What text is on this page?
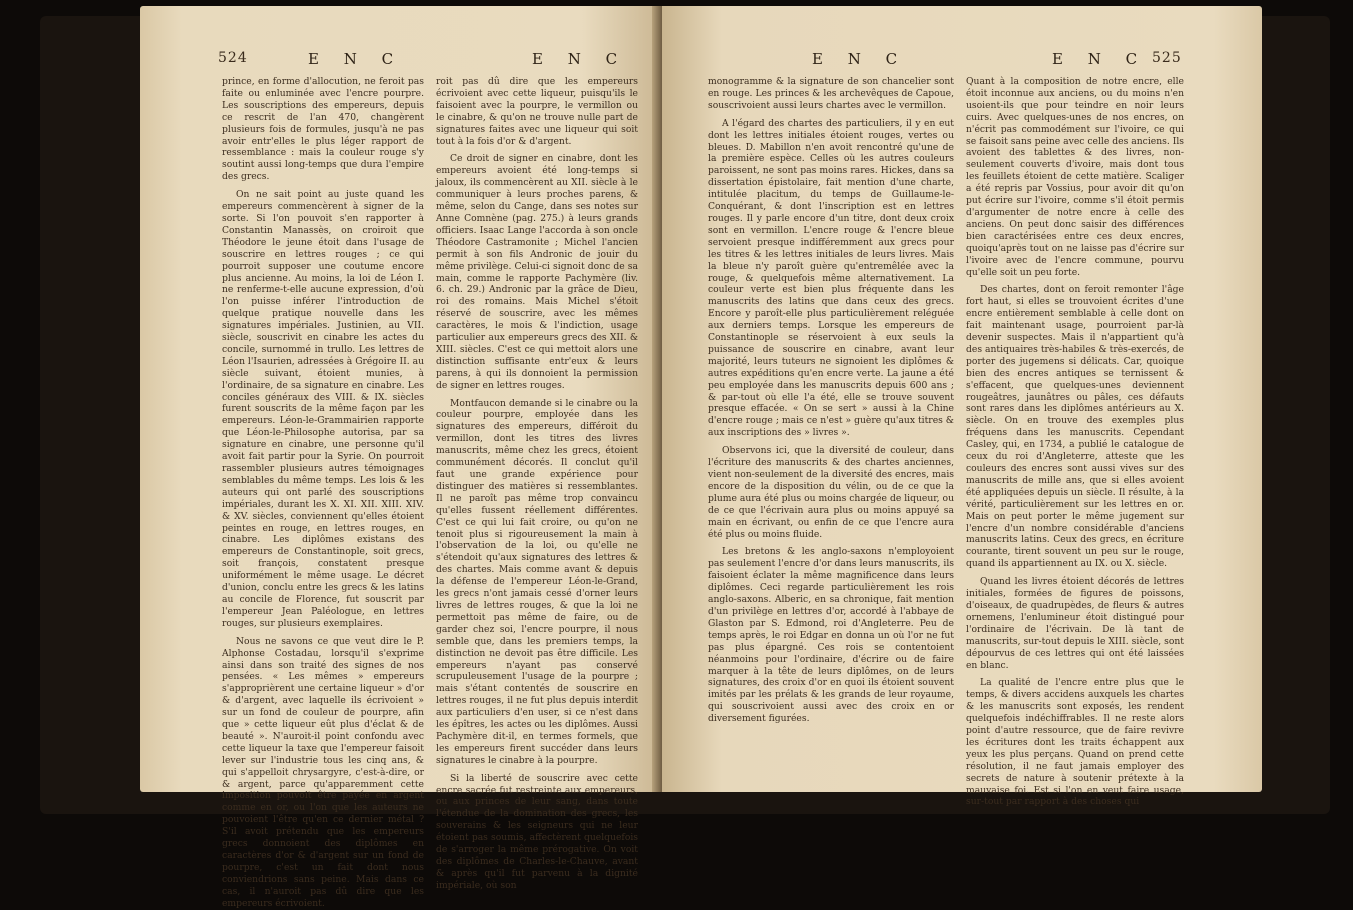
524	E N C	E N C

prince, en forme d'allocution, ne feroit pas faite ou enluminée avec l'encre pourpre. Les souscriptions des empereurs, depuis ce rescrit de l'an 470, changèrent plusieurs fois de formules, jusqu'à ne pas avoir entr'elles le plus léger rapport de ressemblance : mais la couleur rouge s'y soutint aussi long-temps que dura l'empire des grecs.

On ne sait point au juste quand les empereurs commencèrent à signer de la sorte. Si l'on pouvoit s'en rapporter à Constantin Manassès, on croiroit que Théodore le jeune étoit dans l'usage de souscrire en lettres rouges ; ce qui pourroit supposer une coutume encore plus ancienne. Au moins, la loi de Léon I. ne renferme-t-elle aucune expression, d'où l'on puisse inférer l'introduction de quelque pratique nouvelle dans les signatures impériales. Justinien, au VII. siècle, souscrivit en cinabre les actes du concile, surnommé in trullo. Les lettres de Léon l'Isaurien, adressées à Grégoire II. au siècle suivant, étoient munies, à l'ordinaire, de sa signature en cinabre. Les conciles généraux des VIII. & IX. siècles furent souscrits de la même façon par les empereurs. Léon-le-Grammairien rapporte que Léon-le-Philosophe autorisa, par sa signature en cinabre, une personne qu'il avoit fait partir pour la Syrie. On pourroit rassembler plusieurs autres témoignages semblables du même temps. Les lois & les auteurs qui ont parlé des souscriptions impériales, durant les X. XI. XII. XIII. XIV. & XV. siècles, conviennent qu'elles étoient peintes en rouge, en lettres rouges, en cinabre. Les diplômes existans des empereurs de Constantinople, soit grecs, soit françois, constatent presque uniformément le même usage. Le décret d'union, conclu entre les grecs & les latins au concile de Florence, fut souscrit par l'empereur Jean Paléologue, en lettres rouges, sur plusieurs exemplaires.

Nous ne savons ce que veut dire le P. Alphonse Costadau, lorsqu'il s'exprime ainsi dans son traité des signes de nos pensées. « Les mêmes » empereurs s'approprièrent une certaine liqueur » d'or & d'argent, avec laquelle ils écrivoient » sur un fond de couleur de pourpre, afin que » cette liqueur eût plus d'éclat & de beauté ». N'auroit-il point confondu avec cette liqueur la taxe que l'empereur faisoit lever sur l'industrie tous les cinq ans, & qui s'appelloit chrysargyre, c'est-à-dire, or & argent, parce qu'apparemment cette imposition pouvoit être payée en argent comme en or, ou l'on que les auteurs ne pouvoient l'être qu'en ce dernier métal ? S'il avoit prétendu que les empereurs grecs donnoient des diplômes en caractères d'or & d'argent sur un fond de pourpre, c'est un fait dont nous conviendrions sans peine. Mais dans ce cas, il n'auroit pas dû dire que les empereurs écrivoient.

roit pas dû dire que les empereurs écrivoient avec cette liqueur, puisqu'ils le faisoient avec la pourpre, le vermillon ou le cinabre, & qu'on ne trouve nulle part de signatures faites avec une liqueur qui soit tout à la fois d'or & d'argent.

Ce droit de signer en cinabre, dont les empereurs avoient été long-temps si jaloux, ils commencèrent au XII. siècle à le communiquer à leurs proches parens, & même, selon du Cange, dans ses notes sur Anne Comnène (pag. 275.) à leurs grands officiers. Isaac Lange l'accorda à son oncle Théodore Castramonite ; Michel l'ancien permit à son fils Andronic de jouir du même privilège. Celui-ci signoit donc de sa main, comme le rapporte Pachymère (liv. 6. ch. 29.) Andronic par la grâce de Dieu, roi des romains. Mais Michel s'étoit réservé de souscrire, avec les mêmes caractères, le mois & l'indiction, usage particulier aux empereurs grecs des XII. & XIII. siècles. C'est ce qui mettoit alors une distinction suffisante entr'eux & leurs parens, à qui ils donnoient la permission de signer en lettres rouges.

Montfaucon demande si le cinabre ou la couleur pourpre, employée dans les signatures des empereurs, différoit du vermillon, dont les titres des livres manuscrits, même chez les grecs, étoient communément décorés. Il conclut qu'il faut une grande expérience pour distinguer des matières si ressemblantes. Il ne paroît pas même trop convaincu qu'elles fussent réellement différentes. C'est ce qui lui fait croire, ou qu'on ne tenoit plus si rigoureusement la main à l'observation de la loi, ou qu'elle ne s'étendoit qu'aux signatures des lettres & des chartes. Mais comme avant & depuis la défense de l'empereur Léon-le-Grand, les grecs n'ont jamais cessé d'orner leurs livres de lettres rouges, & que la loi ne permettoit pas même de faire, ou de garder chez soi, l'encre pourpre, il nous semble que, dans les premiers temps, la distinction ne devoit pas être difficile. Les empereurs n'ayant pas conservé scrupuleusement l'usage de la pourpre ; mais s'étant contentés de souscrire en lettres rouges, il ne fut plus depuis interdit aux particuliers d'en user, si ce n'est dans les épîtres, les actes ou les diplômes. Aussi Pachymère dit-il, en termes formels, que les empereurs firent succéder dans leurs signatures le cinabre à la pourpre.

Si la liberté de souscrire avec cette encre sacrée fut restreinte aux empereurs, ou aux princes de leur sang, dans toute l'étendue de la domination des grecs, les souverains & les seigneurs qui ne leur étoient pas soumis, affectèrent quelquefois de s'arroger la même prérogative. On voit des diplômes de Charles-le-Chauve, avant & après qu'il fut parvenu à la dignité impériale, où son

E N C	E N C 525

monogramme & la signature de son chancelier sont en rouge. Les princes & les archevêques de Capoue, souscrivoient aussi leurs chartes avec le vermillon.

A l'égard des chartes des particuliers, il y en eut dont les lettres initiales étoient rouges, vertes ou bleues. D. Mabillon n'en avoit rencontré qu'une de la première espèce. Celles où les autres couleurs paroissent, ne sont pas moins rares. Hickes, dans sa dissertation épistolaire, fait mention d'une charte, intitulée placitum, du temps de Guillaume-le-Conquérant, & dont l'inscription est en lettres rouges. Il y parle encore d'un titre, dont deux croix sont en vermillon. L'encre rouge & l'encre bleue servoient presque indifféremment aux grecs pour les titres & les lettres initiales de leurs livres. Mais la bleue n'y paroît guère qu'entremêlée avec la rouge, & quelquefois même alternativement. La couleur verte est bien plus fréquente dans les manuscrits des latins que dans ceux des grecs. Encore y paroît-elle plus particulièrement reléguée aux derniers temps. Lorsque les empereurs de Constantinople se réservoient à eux seuls la puissance de souscrire en cinabre, avant leur majorité, leurs tuteurs ne signoient les diplômes & autres expéditions qu'en encre verte. La jaune a été peu employée dans les manuscrits depuis 600 ans ; & par-tout où elle l'a été, elle se trouve souvent presque effacée. « On se sert » aussi à la Chine d'encre rouge ; mais ce n'est » guère qu'aux titres & aux inscriptions des » livres ».

Observons ici, que la diversité de couleur, dans l'écriture des manuscrits & des chartes anciennes, vient non-seulement de la diversité des encres, mais encore de la disposition du vélin, ou de ce que la plume aura été plus ou moins chargée de liqueur, ou de ce que l'écrivain aura plus ou moins appuyé sa main en écrivant, ou enfin de ce que l'encre aura été plus ou moins fluide.

Les bretons & les anglo-saxons n'employoient pas seulement l'encre d'or dans leurs manuscrits, ils faisoient éclater la même magnificence dans leurs diplômes. Ceci regarde particulièrement les rois anglo-saxons. Alberic, en sa chronique, fait mention d'un privilège en lettres d'or, accordé à l'abbaye de Glaston par S. Edmond, roi d'Angleterre. Peu de temps après, le roi Edgar en donna un où l'or ne fut pas plus épargné. Ces rois se contentoient néanmoins pour l'ordinaire, d'écrire ou de faire marquer à la tête de leurs diplômes, on de leurs signatures, des croix d'or en quoi ils étoient souvent imités par les prélats & les grands de leur royaume, qui souscrivoient aussi avec des croix en or diversement figurées.

Quant à la composition de notre encre, elle étoit inconnue aux anciens, ou du moins n'en usoient-ils que pour teindre en noir leurs cuirs. Avec quelques-unes de nos encres, on n'écrit pas commodément sur l'ivoire, ce qui se faisoit sans peine avec celle des anciens. Ils avoient des tablettes & des livres, non-seulement couverts d'ivoire, mais dont tous les feuillets étoient de cette matière. Scaliger a été repris par Vossius, pour avoir dit qu'on put écrire sur l'ivoire, comme s'il étoit permis d'argumenter de notre encre à celle des anciens. On peut donc saisir des différences bien caractérisées entre ces deux encres, quoiqu'après tout on ne laisse pas d'écrire sur l'ivoire avec de l'encre commune, pourvu qu'elle soit un peu forte.

Des chartes, dont on feroit remonter l'âge fort haut, si elles se trouvoient écrites d'une encre entièrement semblable à celle dont on fait maintenant usage, pourroient par-là devenir suspectes. Mais il n'appartient qu'à des antiquaires très-habiles & très-exercés, de porter des jugemens si délicats. Car, quoique bien des encres antiques se ternissent & s'effacent, que quelques-unes deviennent rougeâtres, jaunâtres ou pâles, ces défauts sont rares dans les diplômes antérieurs au X. siècle. On en trouve des exemples plus fréquens dans les manuscrits. Cependant Casley, qui, en 1734, a publié le catalogue de ceux du roi d'Angleterre, atteste que les couleurs des encres sont aussi vives sur des manuscrits de mille ans, que si elles avoient été appliquées depuis un siècle. Il résulte, à la vérité, particulièrement sur les lettres en or. Mais on peut porter le même jugement sur l'encre d'un nombre considérable d'anciens manuscrits latins. Ceux des grecs, en écriture courante, tirent souvent un peu sur le rouge, quand ils appartiennent au IX. ou X. siècle.

Quand les livres étoient décorés de lettres initiales, formées de figures de poissons, d'oiseaux, de quadrupèdes, de fleurs & autres ornemens, l'enlumineur étoit distingué pour l'ordinaire de l'écrivain. De là tant de manuscrits, sur-tout depuis le XIII. siècle, sont dépourvus de ces lettres qui ont été laissées en blanc.

La qualité de l'encre entre plus que le temps, & divers accidens auxquels les chartes & les manuscrits sont exposés, les rendent quelquefois indéchiffrables. Il ne reste alors point d'autre ressource, que de faire revivre les écritures dont les traits échappent aux yeux les plus perçans. Quand on prend cette résolution, il ne faut jamais employer des secrets de nature à soutenir prétexte à la mauvaise foi. Est si l'on en veut faire usage, sur-tout par rapport à des choses qui
